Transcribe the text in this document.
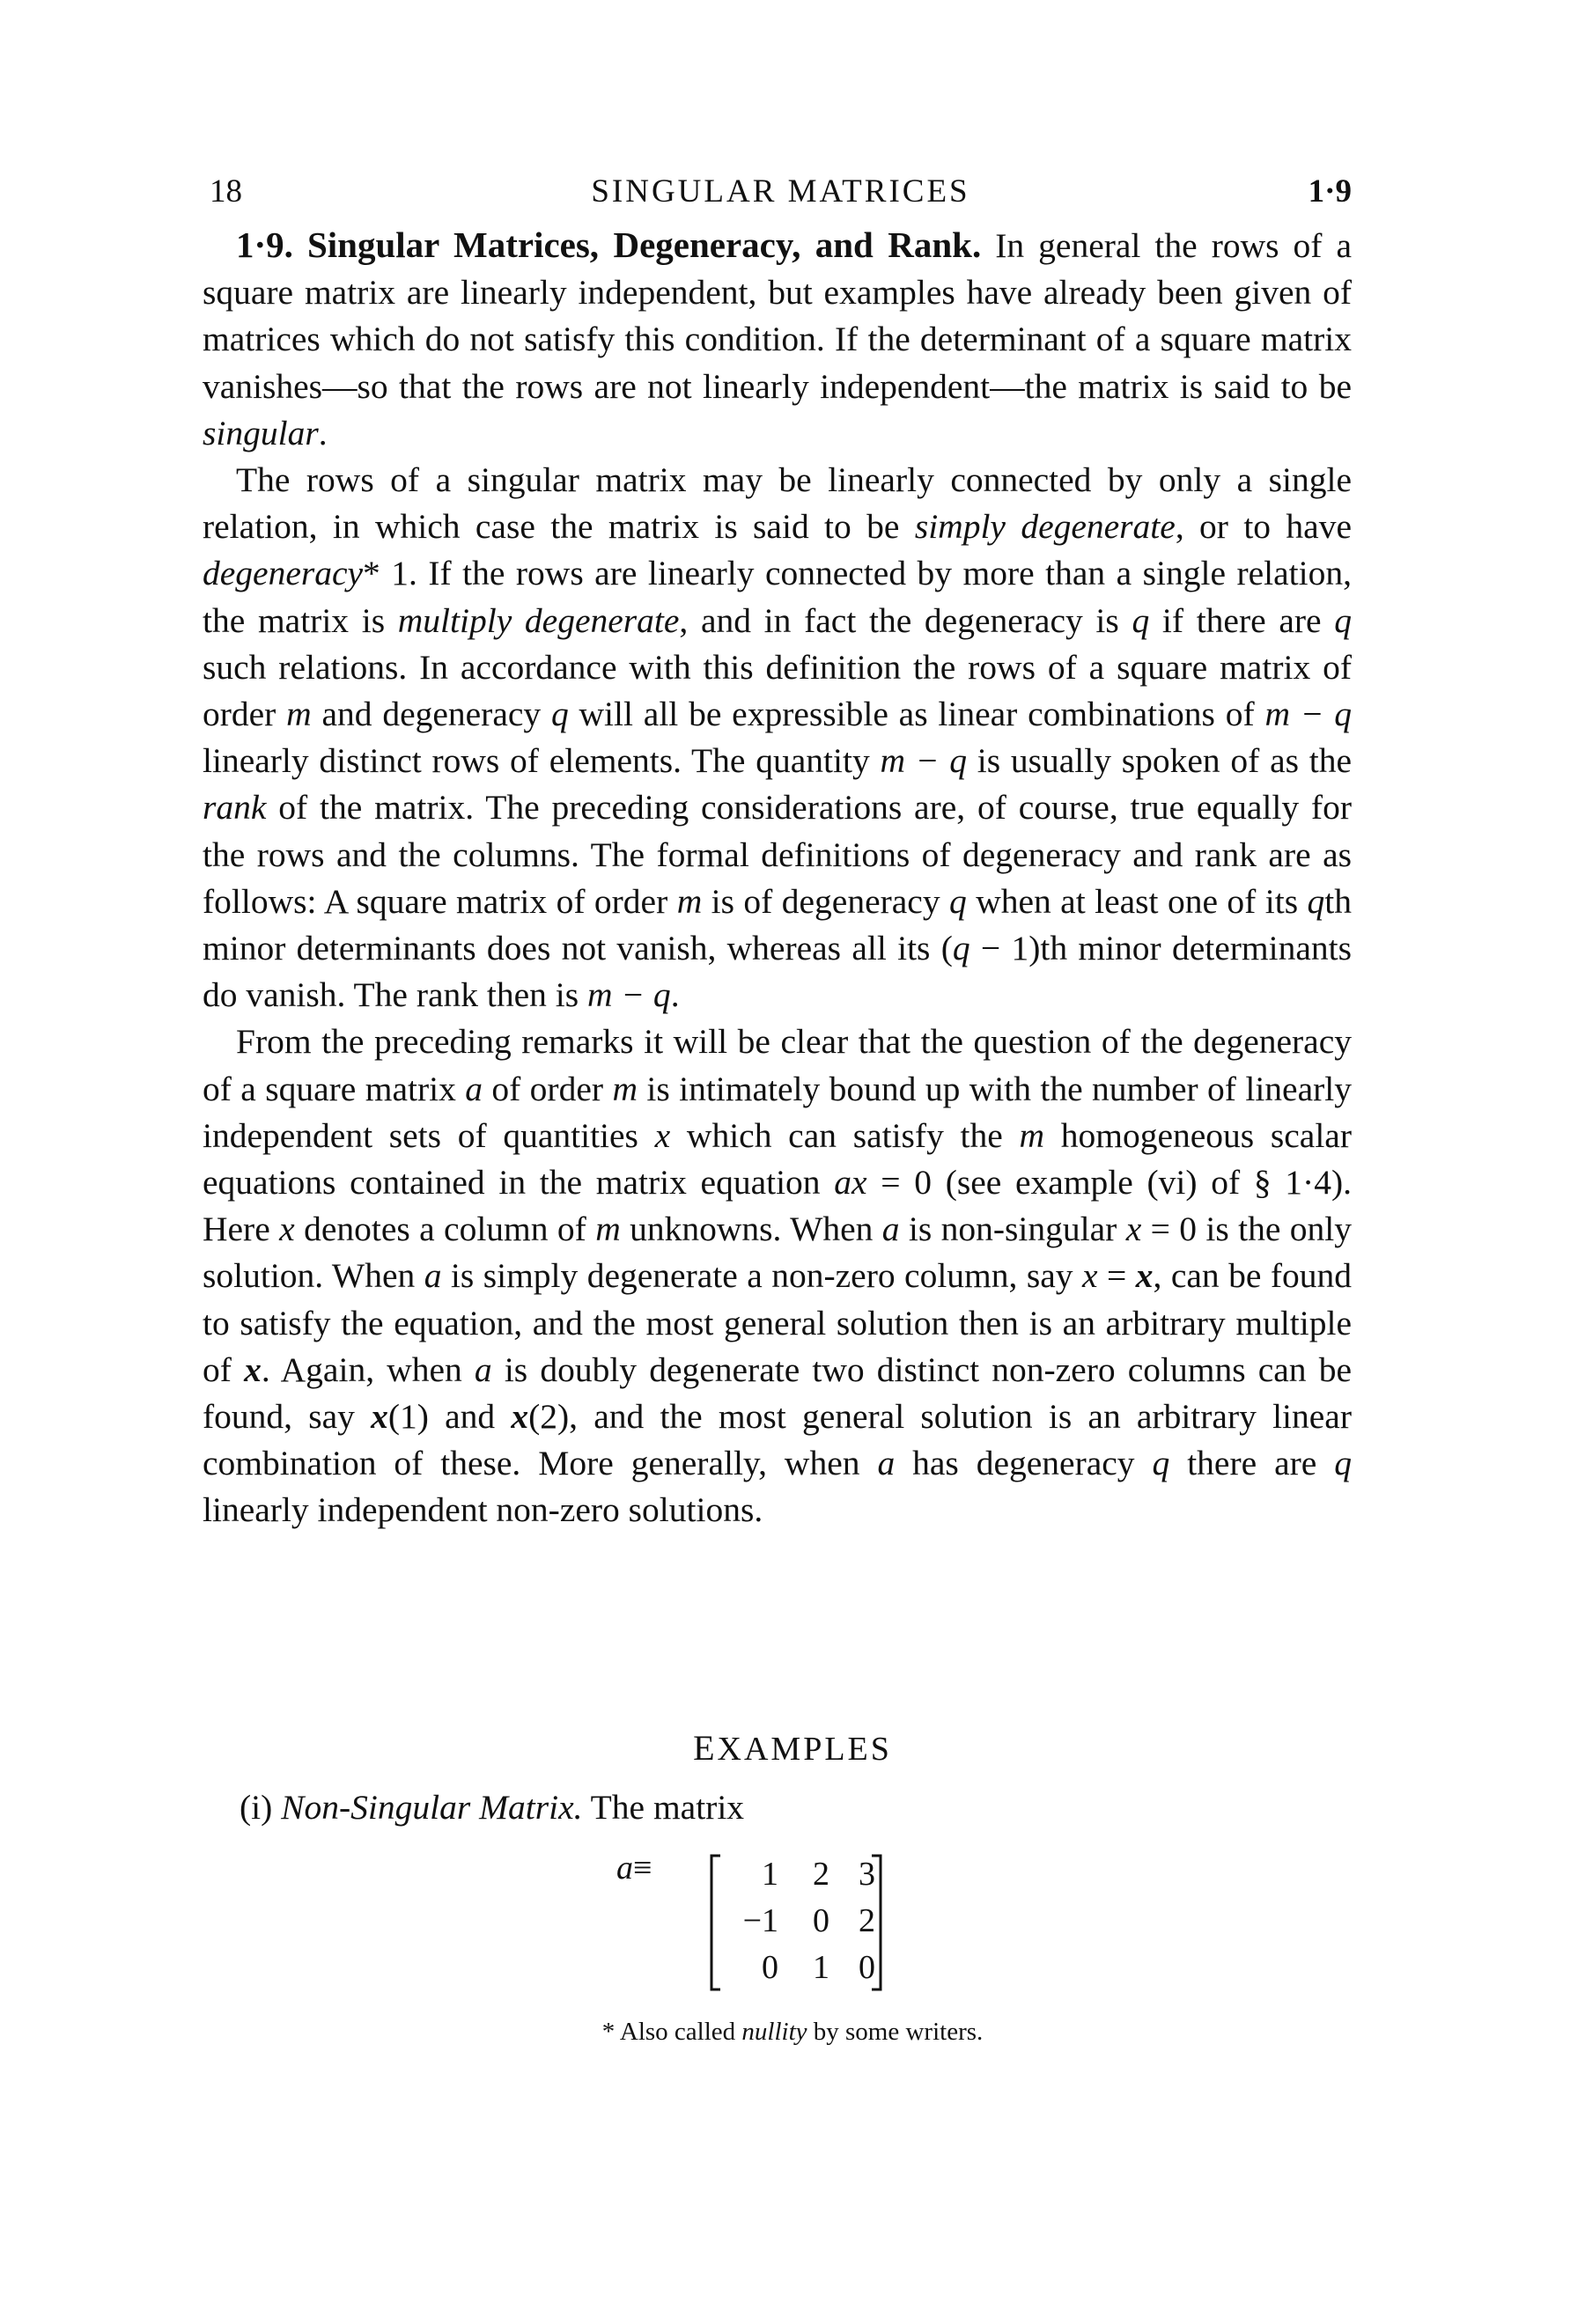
18	SINGULAR MATRICES	1·9

1·9. Singular Matrices, Degeneracy, and Rank. In general the rows of a square matrix are linearly independent, but examples have already been given of matrices which do not satisfy this condition. If the determinant of a square matrix vanishes—so that the rows are not linearly independent—the matrix is said to be singular.

The rows of a singular matrix may be linearly connected by only a single relation, in which case the matrix is said to be simply degenerate, or to have degeneracy* 1. If the rows are linearly connected by more than a single relation, the matrix is multiply degenerate, and in fact the degeneracy is q if there are q such relations. In accordance with this definition the rows of a square matrix of order m and degeneracy q will all be expressible as linear combinations of m − q linearly distinct rows of elements. The quantity m − q is usually spoken of as the rank of the matrix. The preceding considerations are, of course, true equally for the rows and the columns. The formal definitions of degeneracy and rank are as follows: A square matrix of order m is of degeneracy q when at least one of its qth minor determinants does not vanish, whereas all its (q − 1)th minor determinants do vanish. The rank then is m − q.

From the preceding remarks it will be clear that the question of the degeneracy of a square matrix a of order m is intimately bound up with the number of linearly independent sets of quantities x which can satisfy the m homogeneous scalar equations contained in the matrix equation ax = 0 (see example (vi) of § 1·4). Here x denotes a column of m unknowns. When a is non-singular x = 0 is the only solution. When a is simply degenerate a non-zero column, say x = x, can be found to satisfy the equation, and the most general solution then is an arbitrary multiple of x. Again, when a is doubly degenerate two distinct non-zero columns can be found, say x(1) and x(2), and the most general solution is an arbitrary linear combination of these. More generally, when a has degeneracy q there are q linearly independent non-zero solutions.

EXAMPLES
(i) Non-Singular Matrix. The matrix
a≡	1	2	3
−1	0	2
0	1	0
* Also called nullity by some writers.
